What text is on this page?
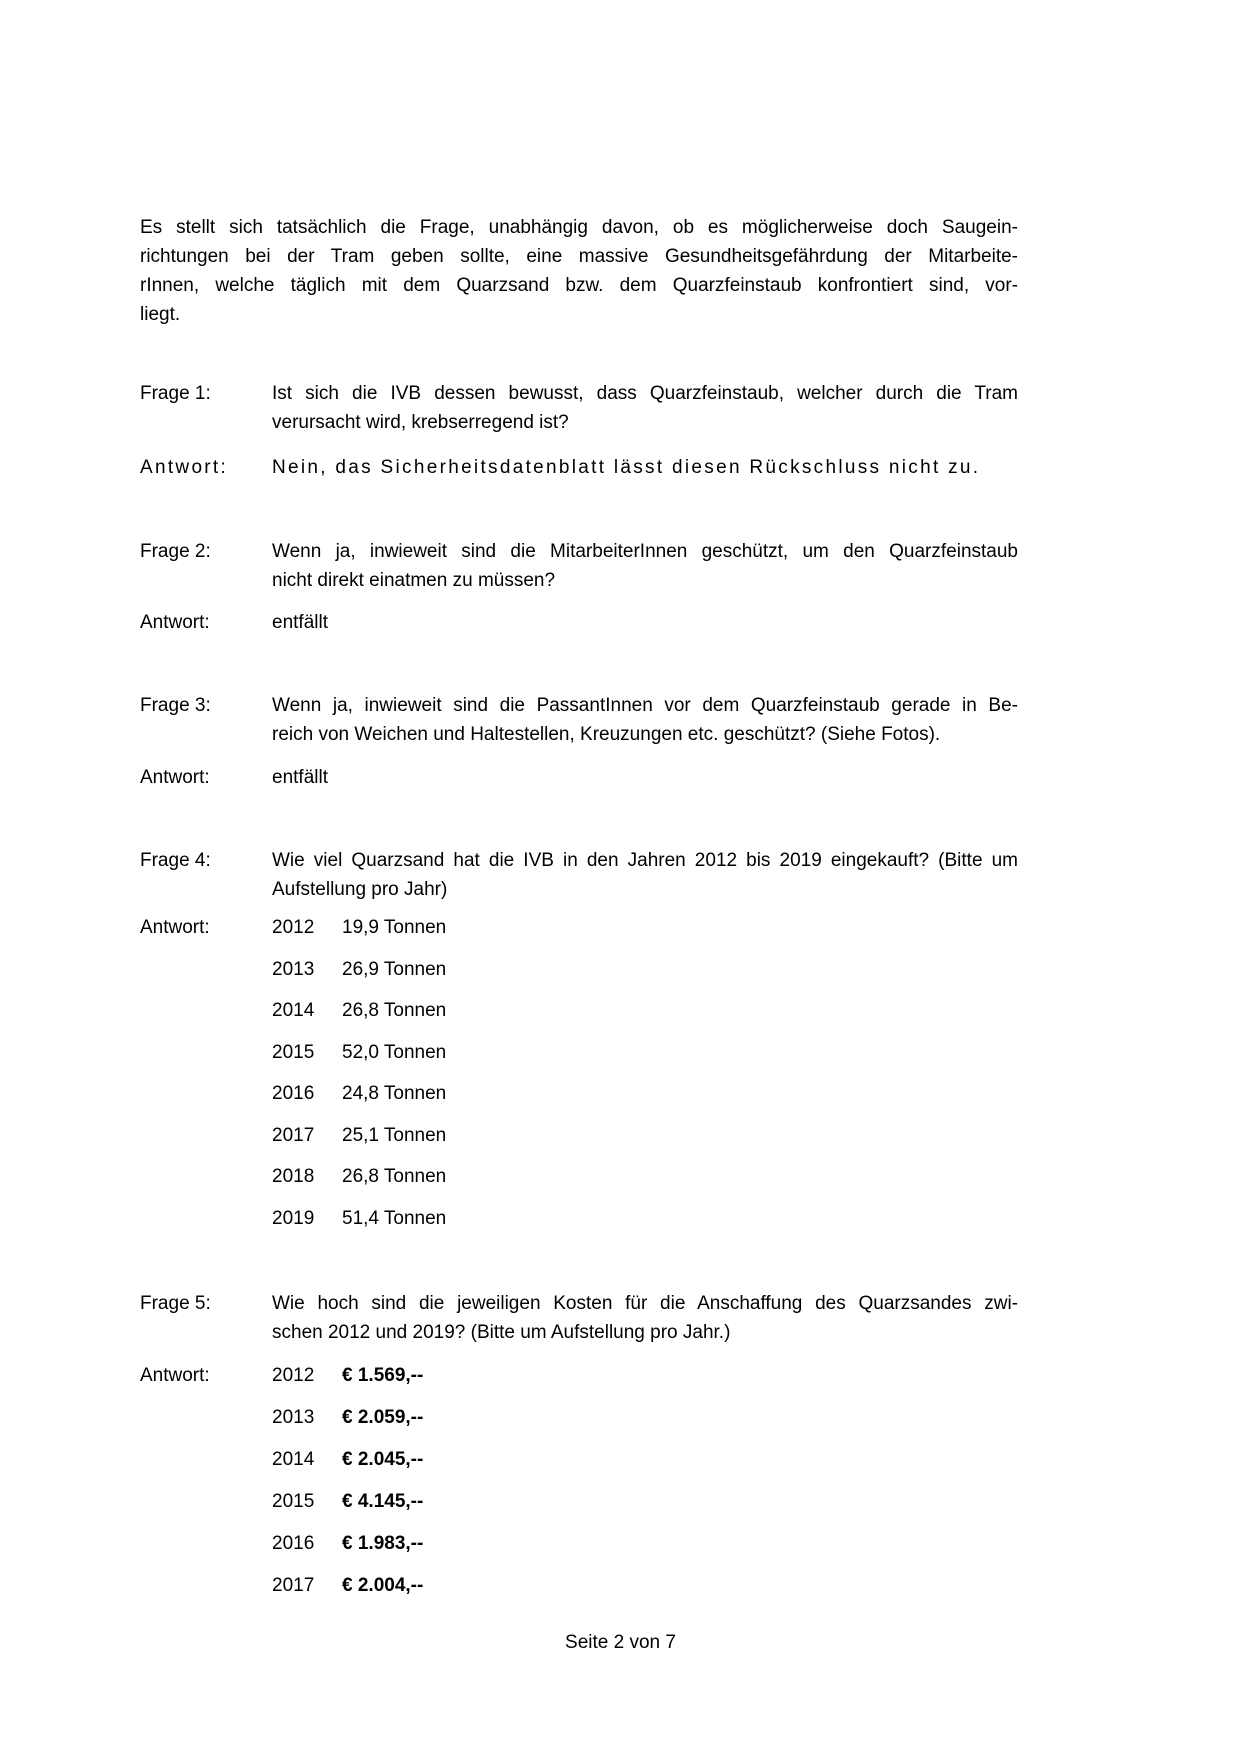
Es stellt sich tatsächlich die Frage, unabhängig davon, ob es möglicherweise doch Saugein-
richtungen bei der Tram geben sollte, eine massive Gesundheitsgefährdung der Mitarbeite-
rInnen, welche täglich mit dem Quarzsand bzw. dem Quarzfeinstaub konfrontiert sind, vor-
liegt.
Frage 1:	Ist sich die IVB dessen bewusst, dass Quarzfeinstaub, welcher durch die Tram
verursacht wird, krebserregend ist?
Antwort:	Nein, das Sicherheitsdatenblatt lässt diesen Rückschluss nicht zu.
Frage 2:	Wenn ja, inwieweit sind die MitarbeiterInnen geschützt, um den Quarzfeinstaub
nicht direkt einatmen zu müssen?
Antwort:	entfällt
Frage 3:	Wenn ja, inwieweit sind die PassantInnen vor dem Quarzfeinstaub gerade in Be-
reich von Weichen und Haltestellen, Kreuzungen etc. geschützt? (Siehe Fotos).
Antwort:	entfällt
Frage 4:	Wie viel Quarzsand hat die IVB in den Jahren 2012 bis 2019 eingekauft? (Bitte um
Aufstellung pro Jahr)
Antwort:	2012 19,9 Tonnen
2013 26,9 Tonnen
2014 26,8 Tonnen
2015 52,0 Tonnen
2016 24,8 Tonnen
2017 25,1 Tonnen
2018 26,8 Tonnen
2019 51,4 Tonnen
Frage 5:	Wie hoch sind die jeweiligen Kosten für die Anschaffung des Quarzsandes zwi-
schen 2012 und 2019? (Bitte um Aufstellung pro Jahr.)
Antwort:	2012 € 1.569,--
2013 € 2.059,--
2014 € 2.045,--
2015 € 4.145,--
2016 € 1.983,--
2017 € 2.004,--
Seite 2 von 7
